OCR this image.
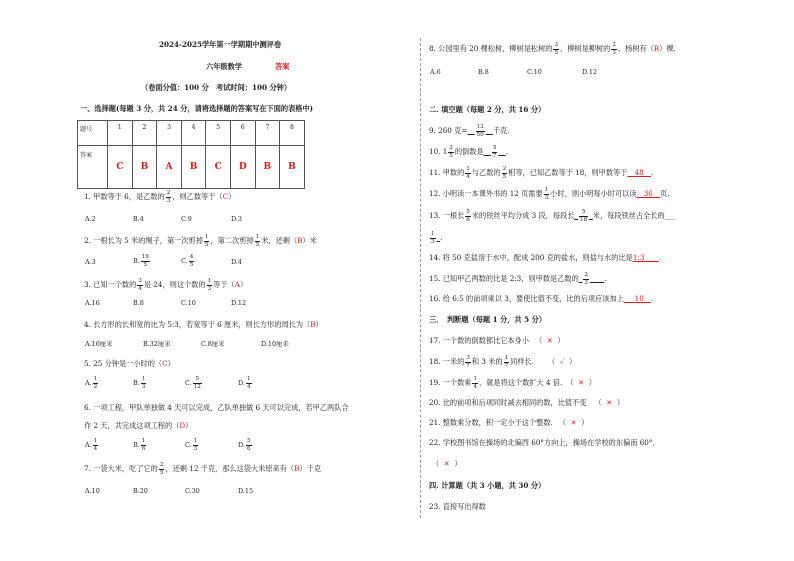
2024-2025学年第一学期期中测评卷
六年级数学	答案
（卷面分值：100 分　考试时间：100 分钟）
一、选择题(每题 3 分，共 24 分，请将选择题的答案写在下面的表格中)
题号	1	2	3	4	5	6	7	8
答案	C	B	A	B	C	D	B	B
1. 甲数等于 6，是乙数的 $\frac{2}{3}$ ，则乙数等于（C）
A.2	B.4	C.9	D.3
2. 一根长为 5 米的绳子，第一次剪掉 $\frac{1}{5}$ ，第二次剪掉 $\frac{1}{5}$ 米，还剩（B）米
A.3	B. $\frac{19}{5}$	C. $\frac{4}{5}$	D.4
3. 已知一个数的 $\frac{3}{4}$ 是 24，则这个数的 $\frac{1}{3}$ 等于（A）
A.16	B.8	C.10	D.12
4. 长方形的长和宽的比为 5:3，若宽等于 6 厘米，则长方形的周长为（B）
A.16厘米	B.32厘米	C.8厘米	D.10厘米
5. 25 分钟是一小时的（C）
A. $\frac{1}{2}$	B. $\frac{1}{3}$	C. $\frac{5}{12}$	D. $\frac{1}{4}$
6. 一项工程，甲队单独做 4 天可以完成，乙队单独做 6 天可以完成，若甲乙两队合
作 2 天，共完成这项工程的（D）
A. $\frac{1}{4}$	B. $\frac{1}{6}$	C. $\frac{1}{3}$	D. $\frac{5}{6}$
7. 一袋大米，吃了它的 $\frac{2}{5}$ ，还剩 12 千克，那么这袋大米原来有（B）千克
A.10	B.20	C.30	D.15
8. 公园里有 20 棵松树，柳树是松树的 $\frac{3}{5}$ ，柳树是柳树的 $\frac{2}{3}$ ，杨树有（B）棵.
A.6	B.8	C.10	D.12
二. 填空题（每题 2 分，共 16 分）
9. 260 克=__ $\frac{13}{50}$ __千克.
10. $1 \frac{2}{5}$ 的倒数是__ $\frac{5}{7}$ __.
11. 甲数的 $\frac{1}{4}$ 与乙数的 $\frac{2}{5}$ 相等，已知乙数等于 18，则甲数等于__48__.
12. 小明读一本课外书的 12 页需要 $\frac{1}{3}$ 小时，则小明每小时可以读__36__页.
13. 一根长 $\frac{5}{6}$ 米的铁丝平均分成 3 段，每段长_ $\frac{5}{18}$ _米，每段铁丝占全长的___
$\frac{1}{3}$ _.
14. 将 50 克盐溶于水中，配成 200 克的盐水，则盐与水的比是1:3____.
15. 已知甲乙两数的比是 2:3，则甲数是乙数的_ $\frac{2}{3}$ ____.
16. 给 6:5 的前项乘以 3，要使比值不变，比的后项应该加上___10__.
三．　判断题（每题 1 分，共 5 分）
17. 一个数的倒数都比它本身小 （  ✕  ）
18. 一米的 $\frac{3}{7}$ 和 3 米的 $\frac{1}{7}$ 同样长. （  ✓  ）
19. 一个数乘 $\frac{1}{4}$ ，就是将这个数扩大 4 倍. （  ✕  ）
20. 比的前项和后项同时减去相同的数，比值不变 （  ✕  ）
21. 整数乘分数，积一定小于这个整数. （  ✕  ）
22. 学校图书馆在操场的北偏西 60°方向上，操场在学校的东偏南 60°．
（  ✕  ）
四. 计算题（共 3 小题，共 30 分）
23. 直接写出得数
